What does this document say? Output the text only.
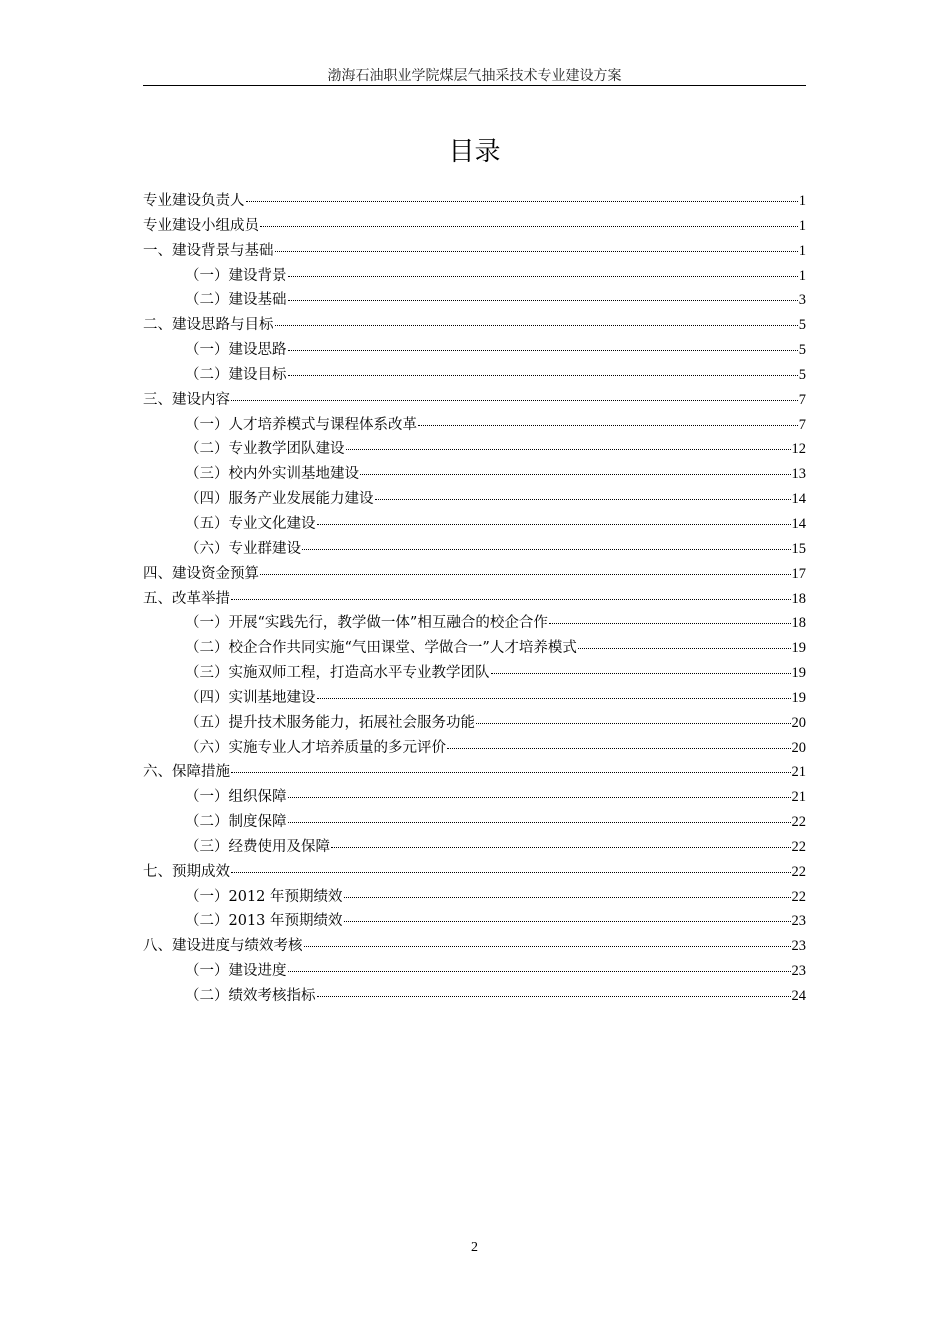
渤海石油职业学院煤层气抽采技术专业建设方案
目录
专业建设负责人	1
专业建设小组成员	1
一、建设背景与基础	1
（一）建设背景	1
（二）建设基础	3
二、建设思路与目标	5
（一）建设思路	5
（二）建设目标	5
三、建设内容	7
（一）人才培养模式与课程体系改革	7
（二）专业教学团队建设	12
（三）校内外实训基地建设	13
（四）服务产业发展能力建设	14
（五）专业文化建设	14
（六）专业群建设	15
四、建设资金预算	17
五、改革举措	18
（一）开展“实践先行，教学做一体”相互融合的校企合作	18
（二）校企合作共同实施“气田课堂、学做合一”人才培养模式	19
（三）实施双师工程，打造高水平专业教学团队	19
（四）实训基地建设	19
（五）提升技术服务能力，拓展社会服务功能	20
（六）实施专业人才培养质量的多元评价	20
六、保障措施	21
（一）组织保障	21
（二）制度保障	22
（三）经费使用及保障	22
七、预期成效	22
（一）2012 年预期绩效	22
（二）2013 年预期绩效	23
八、建设进度与绩效考核	23
（一）建设进度	23
（二）绩效考核指标	24
2
